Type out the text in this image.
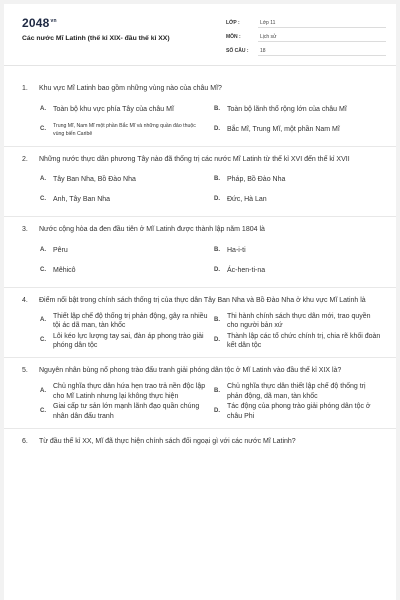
$2048^{vn}$
Các nước Mĩ Latinh (thế kỉ XIX- đầu thế kỉ XX)
LỚP :	Lớp 11
MÔN :	Lịch sử
SỐ CÂU :	18
1.	Khu vực Mĩ Latinh bao gồm những vùng nào của châu Mĩ?
A.	Toàn bộ khu vực phía Tây của châu Mĩ	B.	Toàn bộ lãnh thổ rộng lớn của châu Mĩ
C.
Trung Mĩ, Nam Mĩ một phần Bắc Mĩ và những quần đảo thuộc vùng biển Caribê
D.	Bắc Mĩ, Trung Mĩ, một phần Nam Mĩ
2.	Những nước thực dân phương Tây nào đã thống trị các nước Mĩ Latinh từ thế kỉ XVI đến thế kỉ XVII
A.	Tây Ban Nha, Bồ Đào Nha	B.	Pháp, Bồ Đào Nha
C.	Anh, Tây Ban Nha	D.	Đức, Hà Lan
3.	Nước cộng hòa da đen đầu tiên ở Mĩ Latinh được thành lập năm 1804 là
A.	Pêru	B.	Ha-i-ti
C.	Mêhicô	D.	Ác-hen-ti-na
4.	Điểm nổi bật trong chính sách thống trị của thực dân Tây Ban Nha và Bồ Đào Nha ở khu vực Mĩ Latinh là
A.
Thiết lập chế độ thống trị phản động, gây ra nhiều tội ác dã man, tàn khốc
B.
Thi hành chính sách thực dân mới, trao quyền cho người bản xứ
C.
Lôi kéo lực lượng tay sai, đàn áp phong trào giải phóng dân tộc
D.
Thành lập các tổ chức chính trị, chia rẽ khối đoàn kết dân tộc
5.	Nguyên nhân bùng nổ phong trào đấu tranh giải phóng dân tộc ở Mĩ Latinh vào đầu thế kỉ XIX là?
A.
Chủ nghĩa thực dân hứa hẹn trao trả nền độc lập cho Mĩ Latinh nhưng lại không thực hiện
B.
Chủ nghĩa thực dân thiết lập chế độ thống trị phản động, dã man, tàn khốc
C.
Giai cấp tư sản lớn mạnh lãnh đạo quần chúng nhân dân đấu tranh
D.
Tác động của phong trào giải phóng dân tộc ở châu Phi
6.	Từ đầu thế kỉ XX, Mĩ đã thực hiện chính sách đối ngoại gì với các nước Mĩ Latinh?
